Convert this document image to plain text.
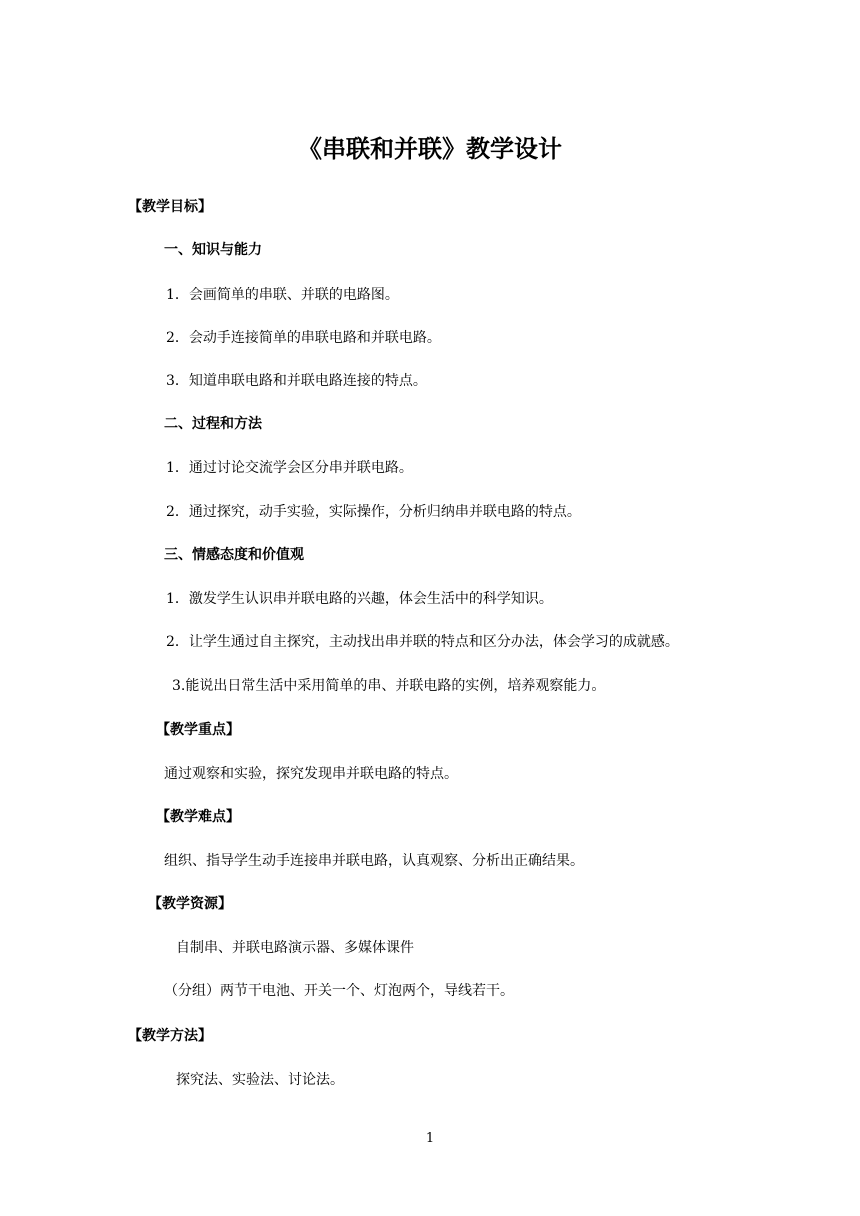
《串联和并联》教学设计
【教学目标】
一、知识与能力
1．会画简单的串联、并联的电路图。
2．会动手连接简单的串联电路和并联电路。
3．知道串联电路和并联电路连接的特点。
二、过程和方法
1．通过讨论交流学会区分串并联电路。
2．通过探究，动手实验，实际操作，分析归纳串并联电路的特点。
三、情感态度和价值观
1．激发学生认识串并联电路的兴趣，体会生活中的科学知识。
2．让学生通过自主探究，主动找出串并联的特点和区分办法，体会学习的成就感。
3.能说出日常生活中采用简单的串、并联电路的实例，培养观察能力。
【教学重点】
通过观察和实验，探究发现串并联电路的特点。
【教学难点】
组织、指导学生动手连接串并联电路，认真观察、分析出正确结果。
【教学资源】
自制串、并联电路演示器、多媒体课件
（分组）两节干电池、开关一个、灯泡两个，导线若干。
【教学方法】
探究法、实验法、讨论法。
1
